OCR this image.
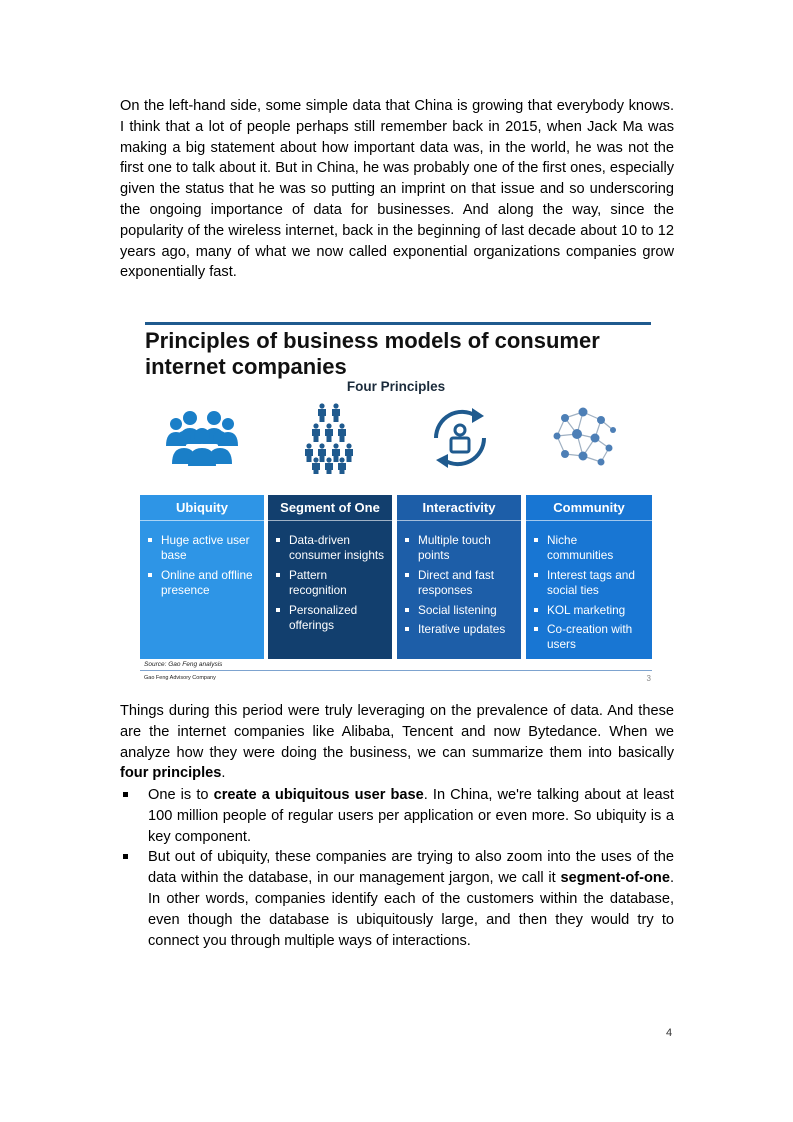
On the left-hand side, some simple data that China is growing that everybody knows. I think that a lot of people perhaps still remember back in 2015, when Jack Ma was making a big statement about how important data was, in the world, he was not the first one to talk about it. But in China, he was probably one of the first ones, especially given the status that he was so putting an imprint on that issue and so underscoring the ongoing importance of data for businesses. And along the way, since the popularity of the wireless internet, back in the beginning of last decade about 10 to 12 years ago, many of what we now called exponential organizations companies grow exponentially fast.

Principles of business models of consumer internet companies
Four Principles
Ubiquity
Huge active user base
Online and offline presence
Segment of One
Data-driven consumer insights
Pattern recognition
Personalized offerings
Interactivity
Multiple touch points
Direct and fast responses
Social listening
Iterative updates
Community
Niche communities
Interest tags and social ties
KOL marketing
Co-creation with users
Source: Gao Feng analysis
Gao Feng Advisory Company	3

Things during this period were truly leveraging on the prevalence of data. And these are the internet companies like Alibaba, Tencent and now Bytedance. When we analyze how they were doing the business, we can summarize them into basically four principles.

One is to create a ubiquitous user base. In China, we're talking about at least 100 million people of regular users per application or even more. So ubiquity is a key component.
But out of ubiquity, these companies are trying to also zoom into the uses of the data within the database, in our management jargon, we call it segment-of-one. In other words, companies identify each of the customers within the database, even though the database is ubiquitously large, and then they would try to connect you through multiple ways of interactions.
4
